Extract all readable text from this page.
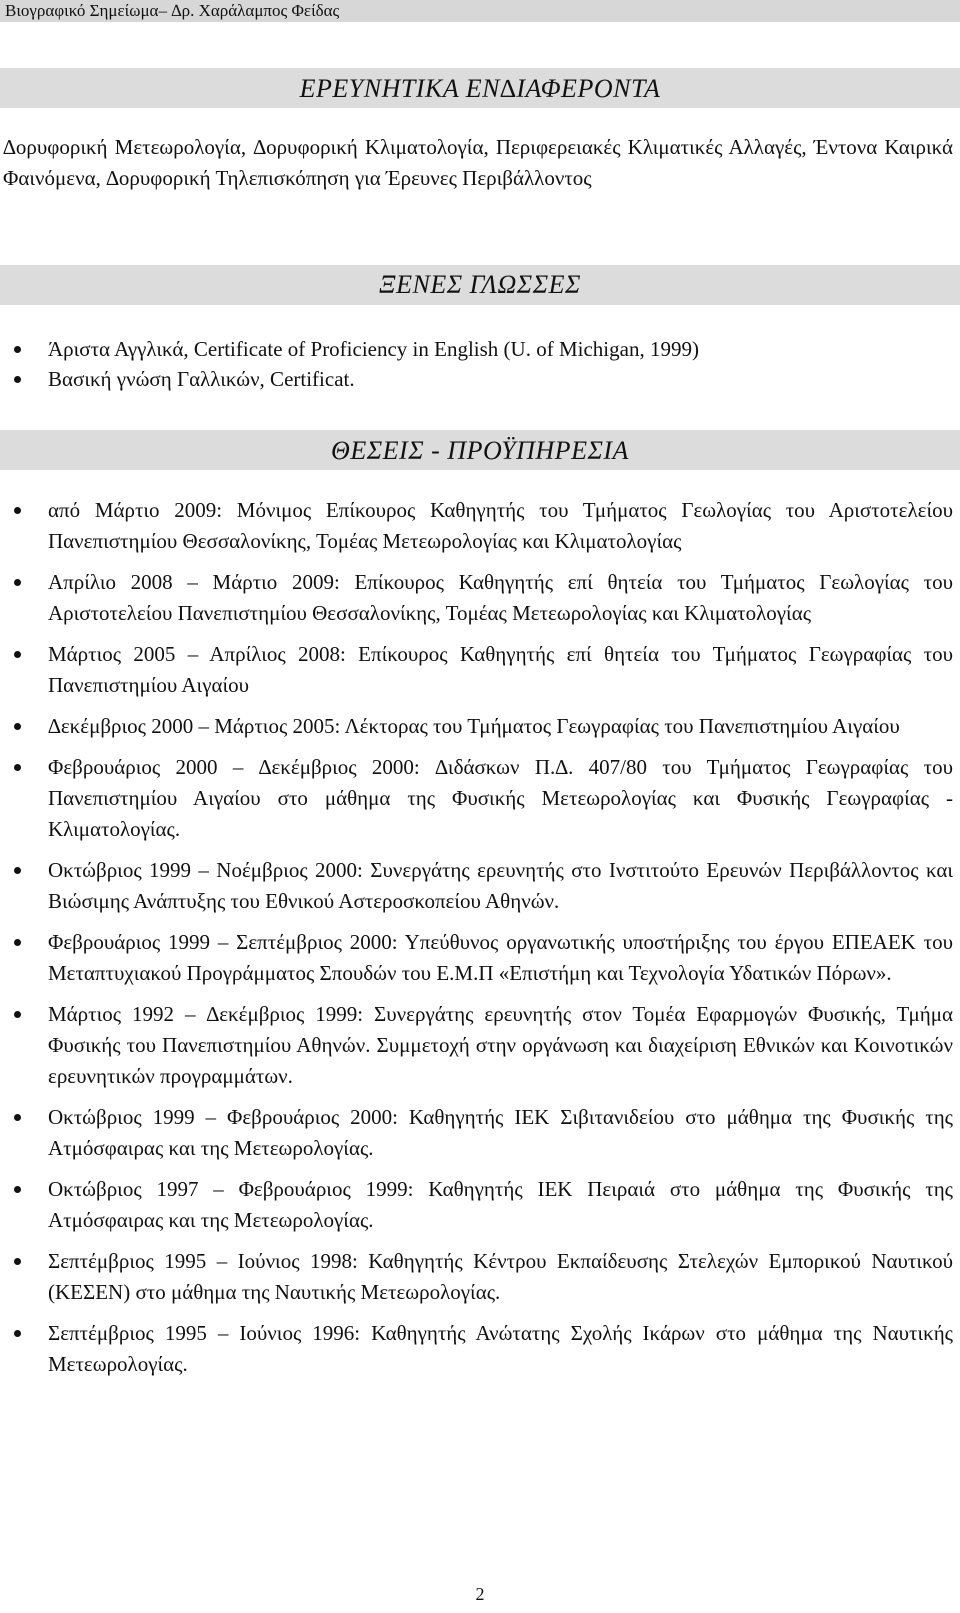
Βιογραφικό Σημείωμα– ∆ρ. Χαράλαμπος Φείδας
ΕΡΕΥΝΗΤΙΚΑ ΕΝ∆ΙΑΦΕΡΟΝΤΑ
∆ορυφορική Μετεωρολογία, ∆ορυφορική Κλιματολογία, Περιφερειακές Κλιματικές Αλλαγές, Έντονα Καιρικά Φαινόμενα, ∆ορυφορική Τηλεπισκόπηση για Έρευνες Περιβάλλοντος
ΞΕΝΕΣ ΓΛΩΣΣΕΣ
Άριστα Αγγλικά, Certificate of Proficiency in English (U. of Michigan, 1999)
Βασική γνώση Γαλλικών, Certificat.
ΘΕΣΕΙΣ - ΠΡΟΫΠΗΡΕΣΙΑ
από Μάρτιο 2009: Μόνιμος Επίκουρος Καθηγητής του Τμήματος Γεωλογίας του Αριστοτελείου Πανεπιστημίου Θεσσαλονίκης, Τομέας Μετεωρολογίας και Κλιματολογίας
Απρίλιο 2008 – Μάρτιο 2009: Επίκουρος Καθηγητής επί θητεία του Τμήματος Γεωλογίας του Αριστοτελείου Πανεπιστημίου Θεσσαλονίκης, Τομέας Μετεωρολογίας και Κλιματολογίας
Μάρτιος 2005 – Απρίλιος 2008: Επίκουρος Καθηγητής επί θητεία του Τμήματος Γεωγραφίας του Πανεπιστημίου Αιγαίου
∆εκέμβριος 2000 – Μάρτιος 2005: Λέκτορας του Τμήματος Γεωγραφίας του Πανεπιστημίου Αιγαίου
Φεβρουάριος 2000 – ∆εκέμβριος 2000: ∆ιδάσκων Π.∆. 407/80 του Τμήματος Γεωγραφίας του Πανεπιστημίου Αιγαίου στο μάθημα της Φυσικής Μετεωρολογίας και Φυσικής Γεωγραφίας - Κλιματολογίας.
Οκτώβριος 1999 – Νοέμβριος 2000: Συνεργάτης ερευνητής στο Ινστιτούτο Ερευνών Περιβάλλοντος και Βιώσιμης Ανάπτυξης του Εθνικού Αστεροσκοπείου Αθηνών.
Φεβρουάριος 1999 – Σεπτέμβριος 2000: Υπεύθυνος οργανωτικής υποστήριξης του έργου ΕΠΕΑΕΚ του Μεταπτυχιακού Προγράμματος Σπουδών του Ε.Μ.Π «Επιστήμη και Τεχνολογία Υδατικών Πόρων».
Μάρτιος 1992 – ∆εκέμβριος 1999: Συνεργάτης ερευνητής στον Τομέα Εφαρμογών Φυσικής, Τμήμα Φυσικής του Πανεπιστημίου Αθηνών. Συμμετοχή στην οργάνωση και διαχείριση Εθνικών και Κοινοτικών ερευνητικών προγραμμάτων.
Οκτώβριος 1999 – Φεβρουάριος 2000: Καθηγητής ΙΕΚ Σιβιτανιδείου στο μάθημα της Φυσικής της Ατμόσφαιρας και της Μετεωρολογίας.
Οκτώβριος 1997 – Φεβρουάριος 1999: Καθηγητής ΙΕΚ Πειραιά στο μάθημα της Φυσικής της Ατμόσφαιρας και της Μετεωρολογίας.
Σεπτέμβριος 1995 – Ιούνιος 1998: Καθηγητής Κέντρου Εκπαίδευσης Στελεχών Εμπορικού Ναυτικού (ΚΕΣΕΝ) στο μάθημα της Ναυτικής Μετεωρολογίας.
Σεπτέμβριος 1995 – Ιούνιος 1996: Καθηγητής Ανώτατης Σχολής Ικάρων στο μάθημα της Ναυτικής Μετεωρολογίας.
2
